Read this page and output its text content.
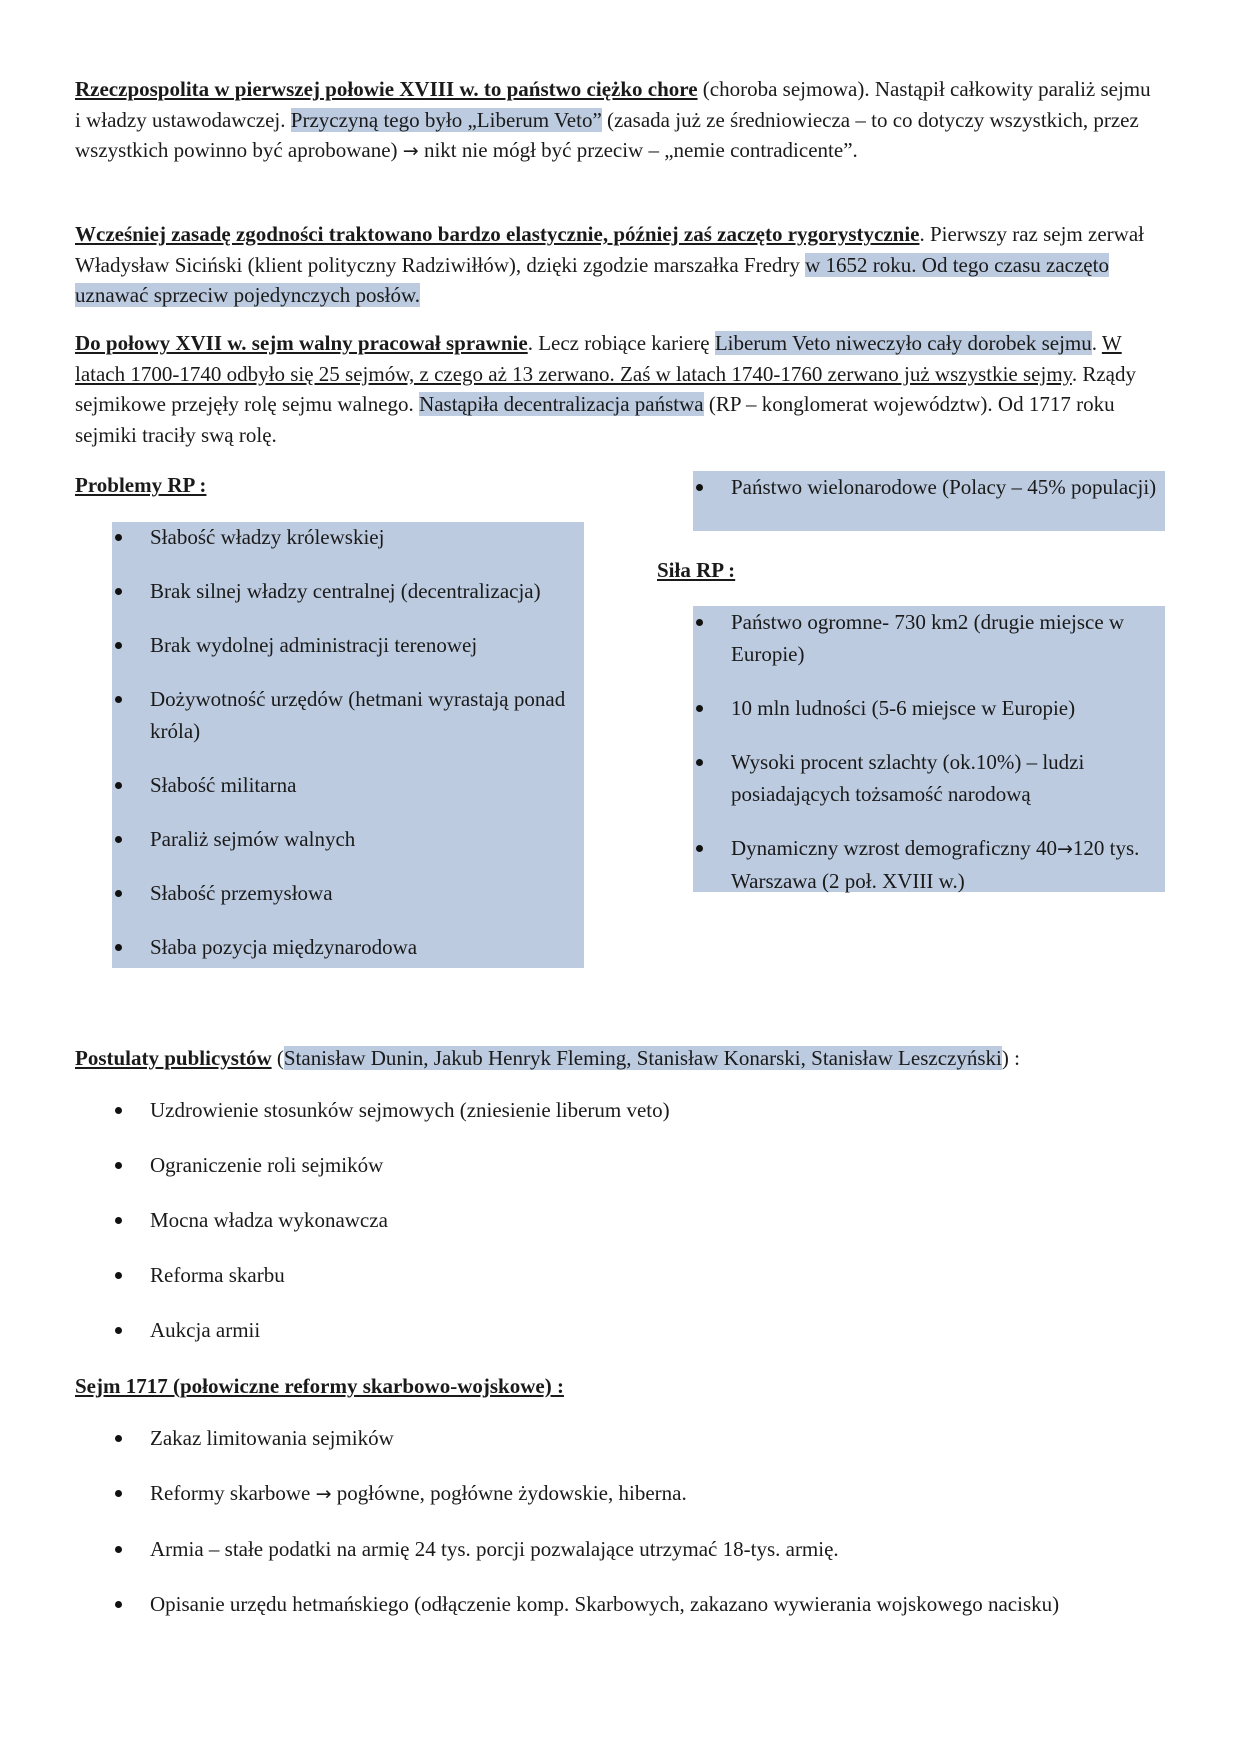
Rzeczpospolita w pierwszej połowie XVIII w. to państwo ciężko chore (choroba sejmowa). Nastąpił całkowity paraliż sejmu i władzy ustawodawczej. Przyczyną tego było „Liberum Veto” (zasada już ze średniowiecza – to co dotyczy wszystkich, przez wszystkich powinno być aprobowane) → nikt nie mógł być przeciw – „nemie contradicente”.

Wcześniej zasadę zgodności traktowano bardzo elastycznie, później zaś zaczęto rygorystycznie. Pierwszy raz sejm zerwał Władysław Siciński (klient polityczny Radziwiłłów), dzięki zgodzie marszałka Fredry w 1652 roku. Od tego czasu zaczęto uznawać sprzeciw pojedynczych posłów.

Do połowy XVII w. sejm walny pracował sprawnie. Lecz robiące karierę Liberum Veto niweczyło cały dorobek sejmu. W latach 1700-1740 odbyło się 25 sejmów, z czego aż 13 zerwano. Zaś w latach 1740-1760 zerwano już wszystkie sejmy. Rządy sejmikowe przejęły rolę sejmu walnego. Nastąpiła decentralizacja państwa (RP – konglomerat województw). Od 1717 roku sejmiki traciły swą rolę.

Problemy RP :

Słabość władzy królewskiej
Brak silnej władzy centralnej (decentralizacja)
Brak wydolnej administracji terenowej
Dożywotność urzędów (hetmani wyrastają ponad króla)
Słabość militarna
Paraliż sejmów walnych
Słabość przemysłowa
Słaba pozycja międzynarodowa
Państwo wielonarodowe (Polacy – 45% populacji)

Siła RP :

Państwo ogromne- 730 km2 (drugie miejsce w Europie)
10 mln ludności (5-6 miejsce w Europie)
Wysoki procent szlachty (ok.10%) – ludzi posiadających tożsamość narodową
Dynamiczny wzrost demograficzny 40→120 tys. Warszawa (2 poł. XVIII w.)

Postulaty publicystów (Stanisław Dunin, Jakub Henryk Fleming, Stanisław Konarski, Stanisław Leszczyński) :

Uzdrowienie stosunków sejmowych (zniesienie liberum veto)
Ograniczenie roli sejmików
Mocna władza wykonawcza
Reforma skarbu
Aukcja armii

Sejm 1717 (połowiczne reformy skarbowo-wojskowe) :

Zakaz limitowania sejmików
Reformy skarbowe → pogłówne, pogłówne żydowskie, hiberna.
Armia – stałe podatki na armię 24 tys. porcji pozwalające utrzymać 18-tys. armię.
Opisanie urzędu hetmańskiego (odłączenie komp. Skarbowych, zakazano wywierania wojskowego nacisku)
